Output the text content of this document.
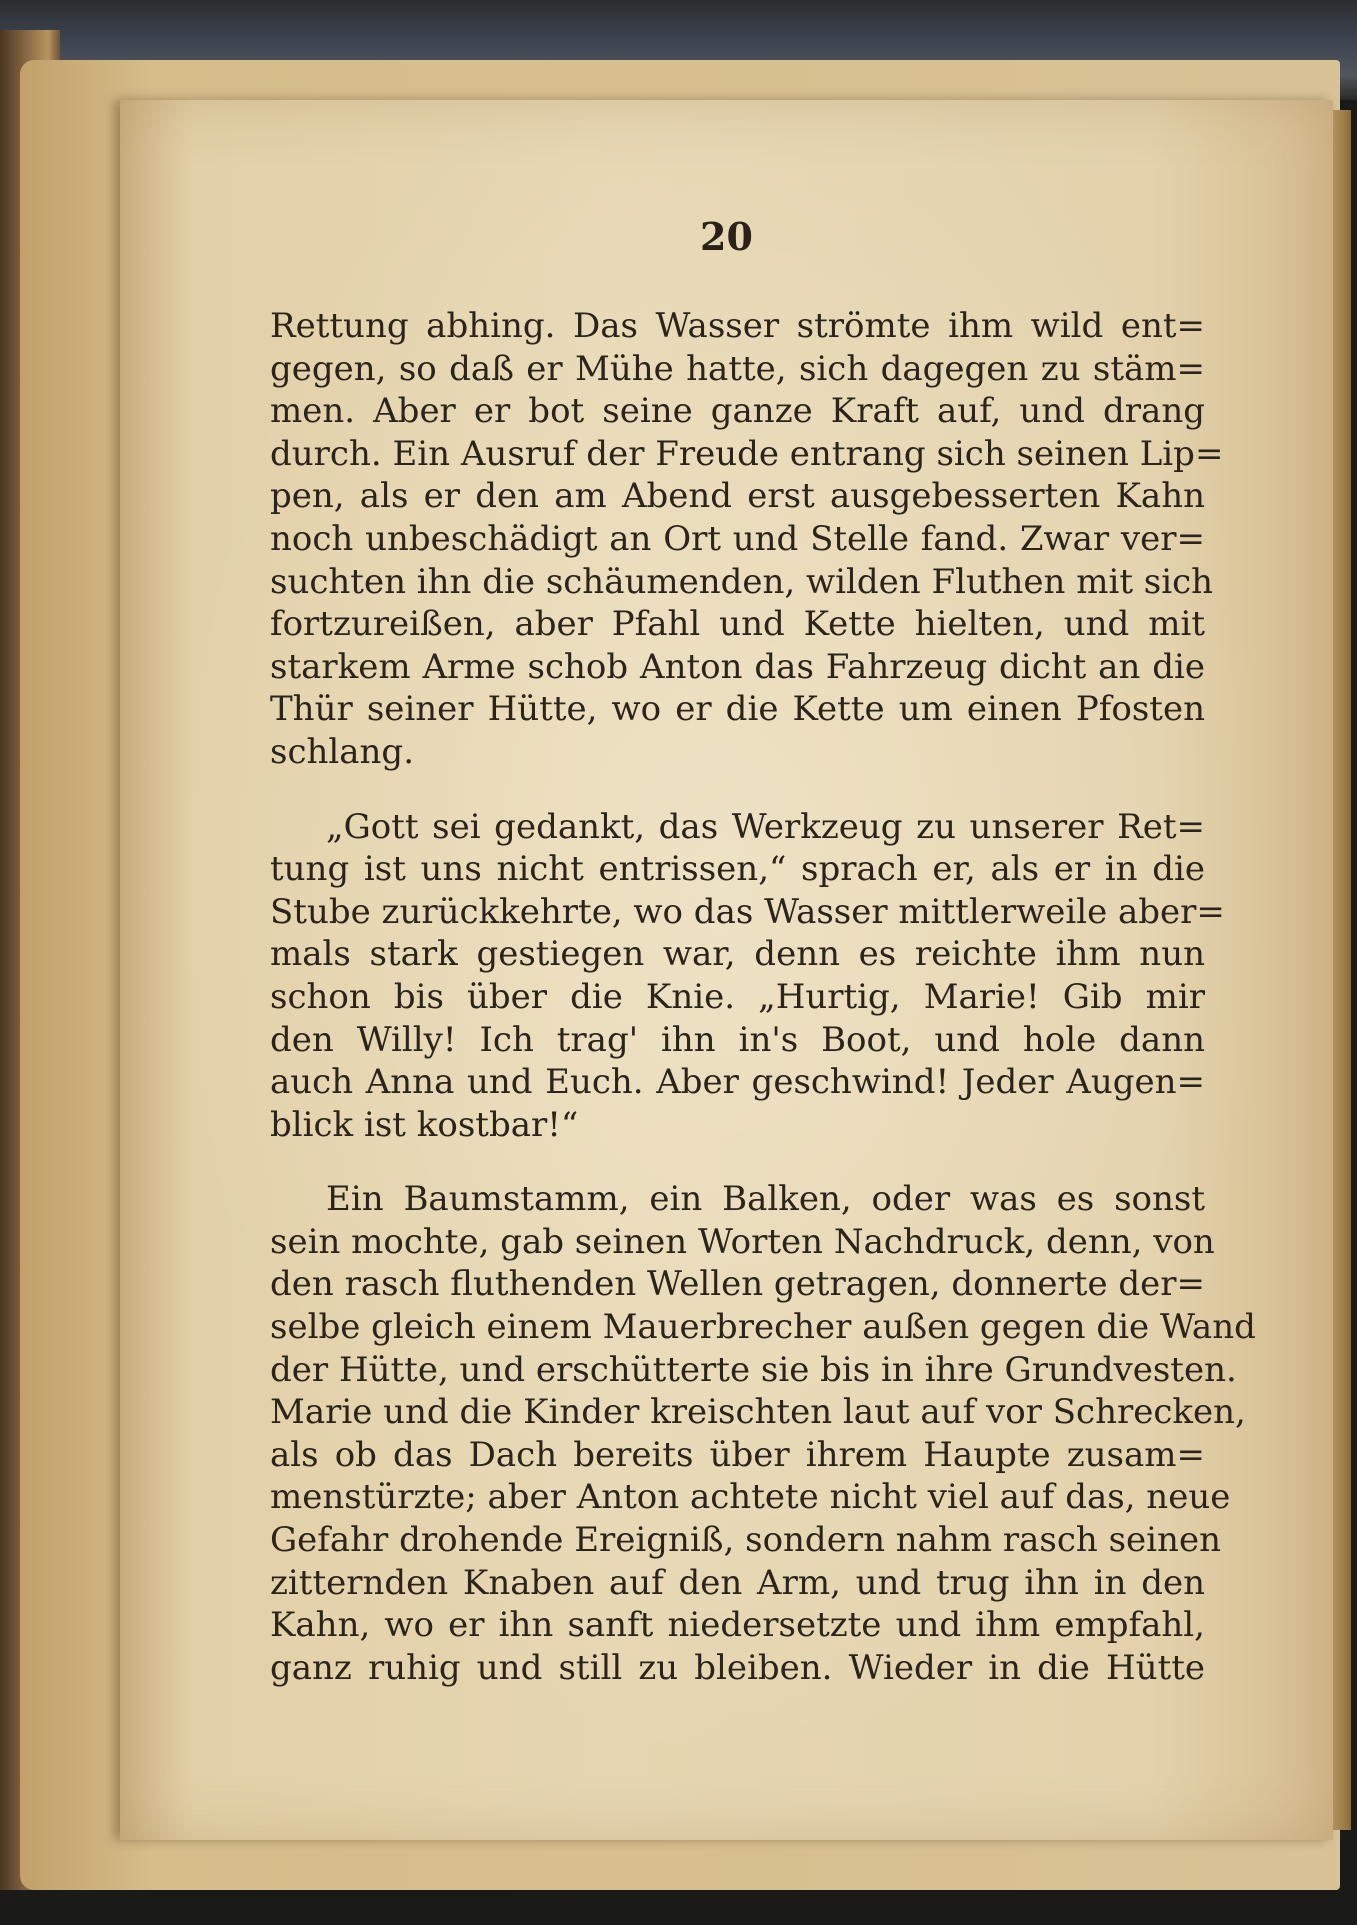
20

Rettung abhing. Das Wasser strömte ihm wild ent=
gegen, so daß er Mühe hatte, sich dagegen zu stäm=
men. Aber er bot seine ganze Kraft auf, und drang
durch. Ein Ausruf der Freude entrang sich seinen Lip=
pen, als er den am Abend erst ausgebesserten Kahn
noch unbeschädigt an Ort und Stelle fand. Zwar ver=
suchten ihn die schäumenden, wilden Fluthen mit sich
fortzureißen, aber Pfahl und Kette hielten, und mit
starkem Arme schob Anton das Fahrzeug dicht an die
Thür seiner Hütte, wo er die Kette um einen Pfosten
schlang.

„Gott sei gedankt, das Werkzeug zu unserer Ret=
tung ist uns nicht entrissen,“ sprach er, als er in die
Stube zurückkehrte, wo das Wasser mittlerweile aber=
mals stark gestiegen war, denn es reichte ihm nun
schon bis über die Knie. „Hurtig, Marie! Gib mir
den Willy! Ich trag' ihn in's Boot, und hole dann
auch Anna und Euch. Aber geschwind! Jeder Augen=
blick ist kostbar!“

Ein Baumstamm, ein Balken, oder was es sonst
sein mochte, gab seinen Worten Nachdruck, denn, von
den rasch fluthenden Wellen getragen, donnerte der=
selbe gleich einem Mauerbrecher außen gegen die Wand
der Hütte, und erschütterte sie bis in ihre Grundvesten.
Marie und die Kinder kreischten laut auf vor Schrecken,
als ob das Dach bereits über ihrem Haupte zusam=
menstürzte; aber Anton achtete nicht viel auf das, neue
Gefahr drohende Ereigniß, sondern nahm rasch seinen
zitternden Knaben auf den Arm, und trug ihn in den
Kahn, wo er ihn sanft niedersetzte und ihm empfahl,
ganz ruhig und still zu bleiben. Wieder in die Hütte
